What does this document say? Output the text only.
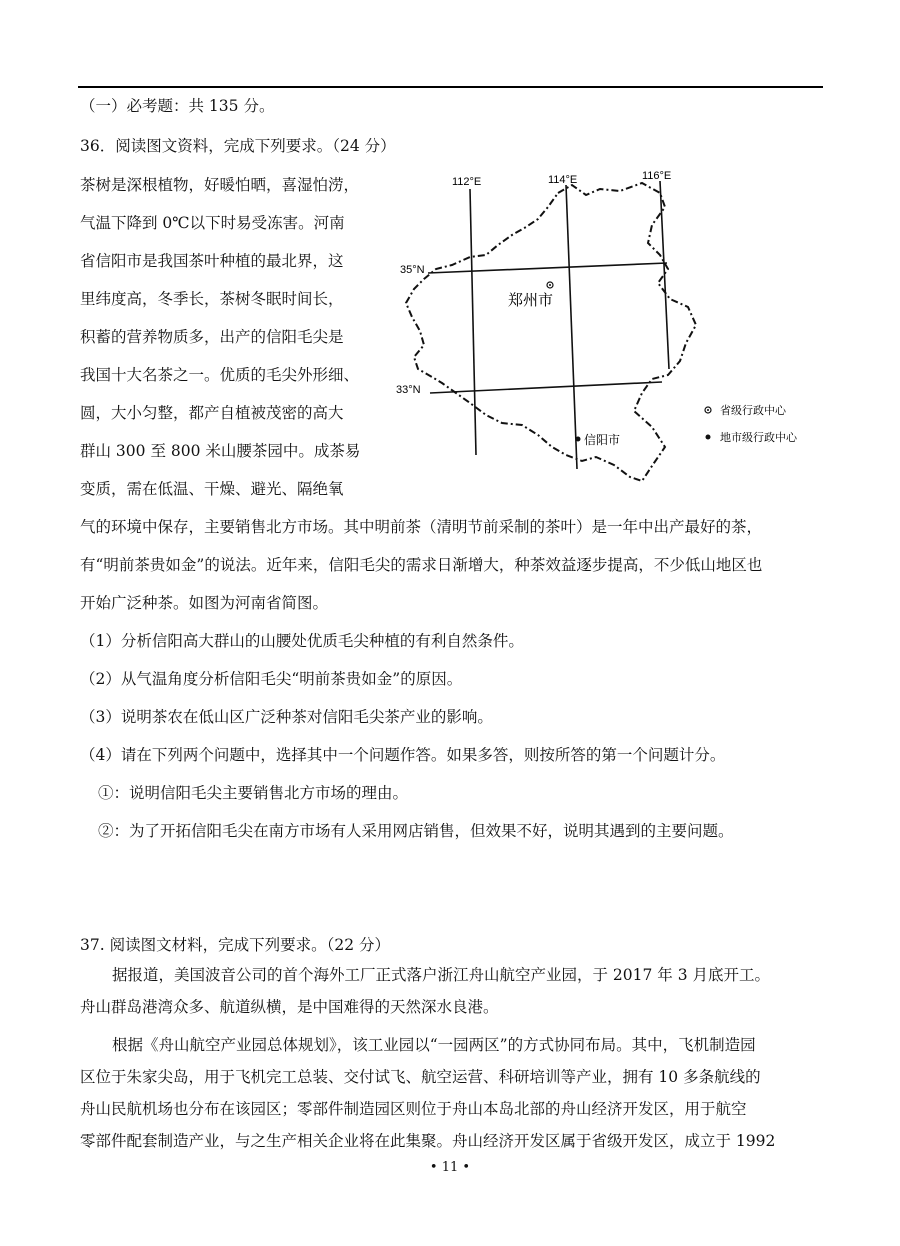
（一）必考题：共 135 分。
36．阅读图文资料，完成下列要求。（24 分）
茶树是深根植物，好暖怕晒，喜湿怕涝，
气温下降到 0℃以下时易受冻害。河南
省信阳市是我国茶叶种植的最北界，这
里纬度高，冬季长，茶树冬眠时间长，
积蓄的营养物质多，出产的信阳毛尖是
我国十大名茶之一。优质的毛尖外形细、
圆，大小匀整，都产自植被茂密的高大
群山 300 至 800 米山腰茶园中。成茶易
变质，需在低温、干燥、避光、隔绝氧
112°E	114°E	116°E
35°N
33°N
郑州市
信阳市
省级行政中心
地市级行政中心
气的环境中保存，主要销售北方市场。其中明前茶（清明节前采制的茶叶）是一年中出产最好的茶，
有“明前茶贵如金”的说法。近年来，信阳毛尖的需求日渐增大，种茶效益逐步提高，不少低山地区也
开始广泛种茶。如图为河南省简图。
（1）分析信阳高大群山的山腰处优质毛尖种植的有利自然条件。
（2）从气温角度分析信阳毛尖“明前茶贵如金”的原因。
（3）说明茶农在低山区广泛种茶对信阳毛尖茶产业的影响。
（4）请在下列两个问题中，选择其中一个问题作答。如果多答，则按所答的第一个问题计分。
①：说明信阳毛尖主要销售北方市场的理由。
②：为了开拓信阳毛尖在南方市场有人采用网店销售，但效果不好，说明其遇到的主要问题。
37. 阅读图文材料，完成下列要求。（22 分）
据报道，美国波音公司的首个海外工厂正式落户浙江舟山航空产业园，于 2017 年 3 月底开工。
舟山群岛港湾众多、航道纵横，是中国难得的天然深水良港。
根据《舟山航空产业园总体规划》，该工业园以“一园两区”的方式协同布局。其中，飞机制造园
区位于朱家尖岛，用于飞机完工总装、交付试飞、航空运营、科研培训等产业，拥有 10 多条航线的
舟山民航机场也分布在该园区；零部件制造园区则位于舟山本岛北部的舟山经济开发区，用于航空
零部件配套制造产业，与之生产相关企业将在此集聚。舟山经济开发区属于省级开发区，成立于 1992
• 11 •
